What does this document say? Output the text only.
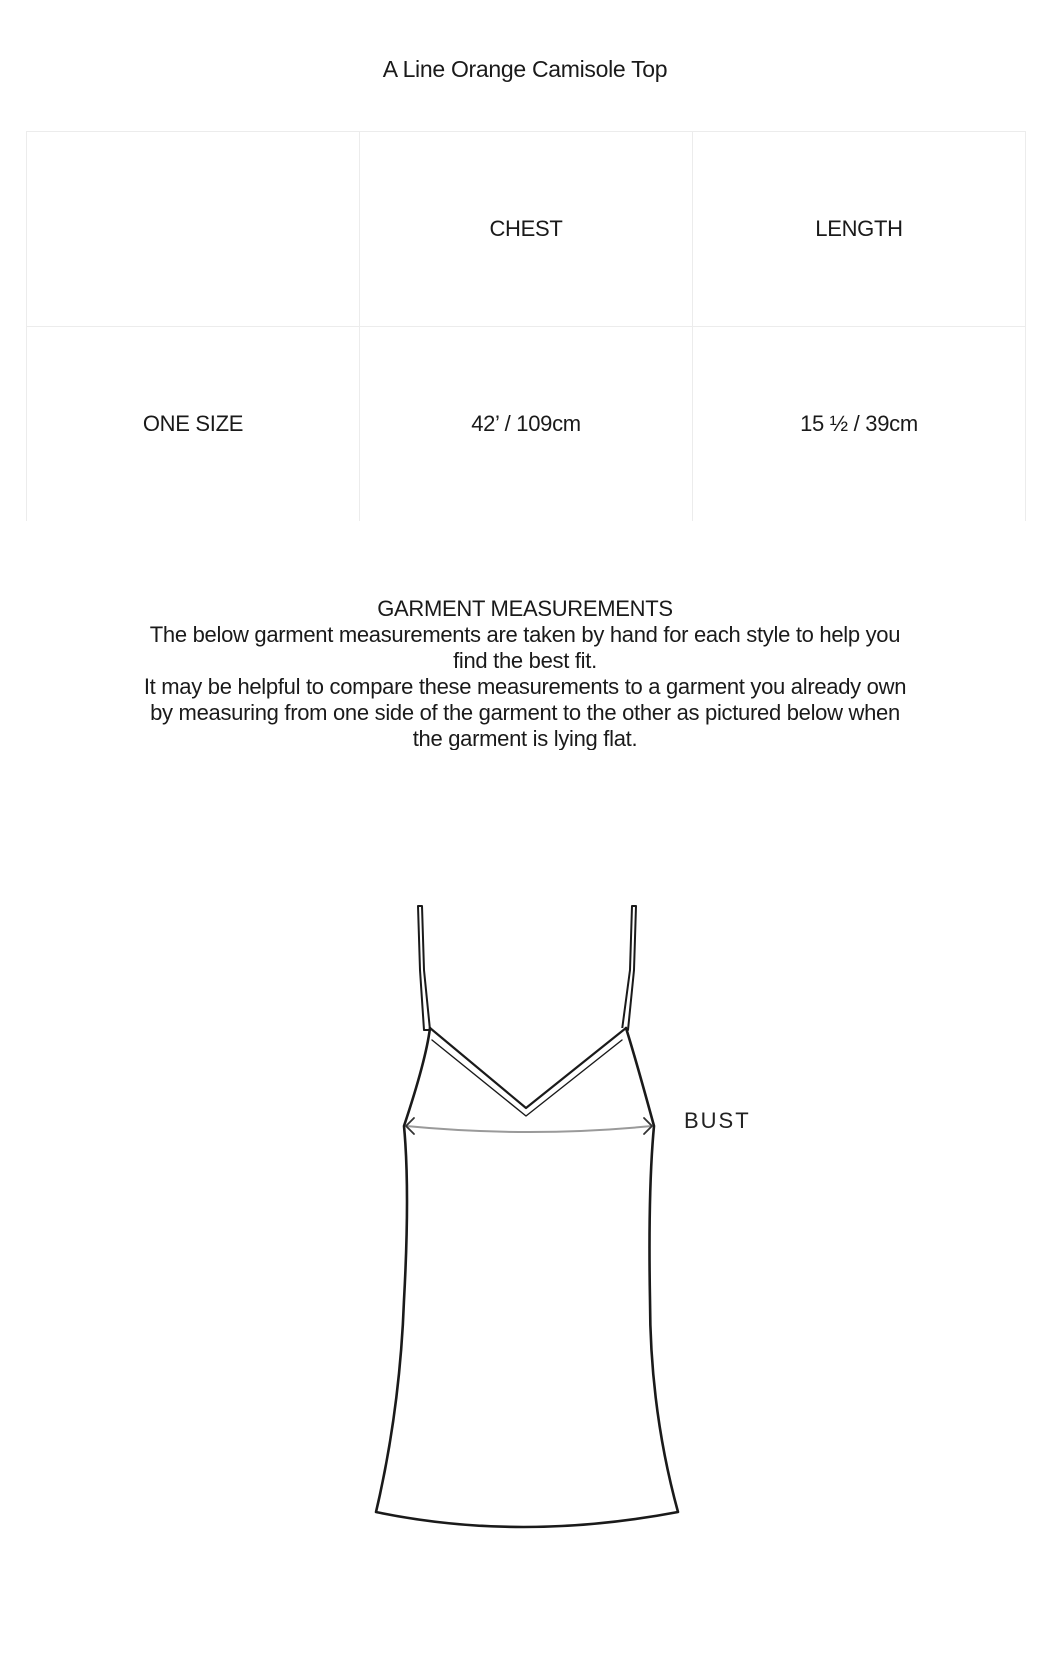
A Line Orange Camisole Top
	CHEST	LENGTH
ONE SIZE	42’ / 109cm	15 ½ / 39cm

GARMENT MEASUREMENTS

The below garment measurements are taken by hand for each style to help you find the best fit.

It may be helpful to compare these measurements to a garment you already own by measuring from one side of the garment to the other as pictured below when the garment is lying flat.

BUST
